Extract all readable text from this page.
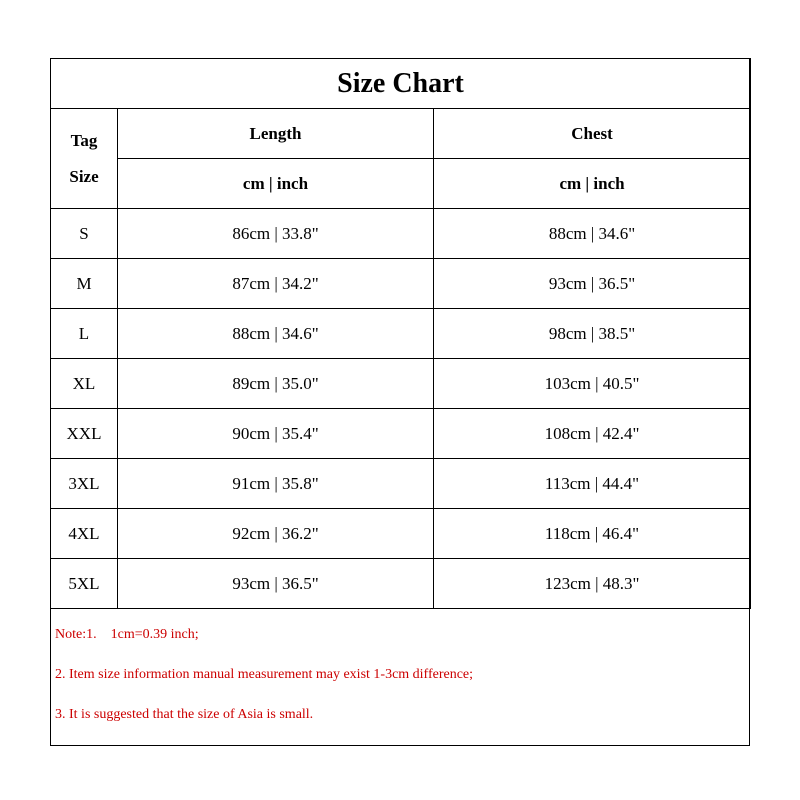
Size Chart		
Tag
Size	Length	Chest
	cm | inch	cm | inch
S	86cm | 33.8"	88cm | 34.6"
M	87cm | 34.2"	93cm | 36.5"
L	88cm | 34.6"	98cm | 38.5"
XL	89cm | 35.0"	103cm | 40.5"
XXL	90cm | 35.4"	108cm | 42.4"
3XL	91cm | 35.8"	113cm | 44.4"
4XL	92cm | 36.2"	118cm | 46.4"
5XL	93cm | 36.5"	123cm | 48.3"
Note:1. 1cm=0.39 inch;
2. Item size information manual measurement may exist 1-3cm difference;
3. It is suggested that the size of Asia is small.
